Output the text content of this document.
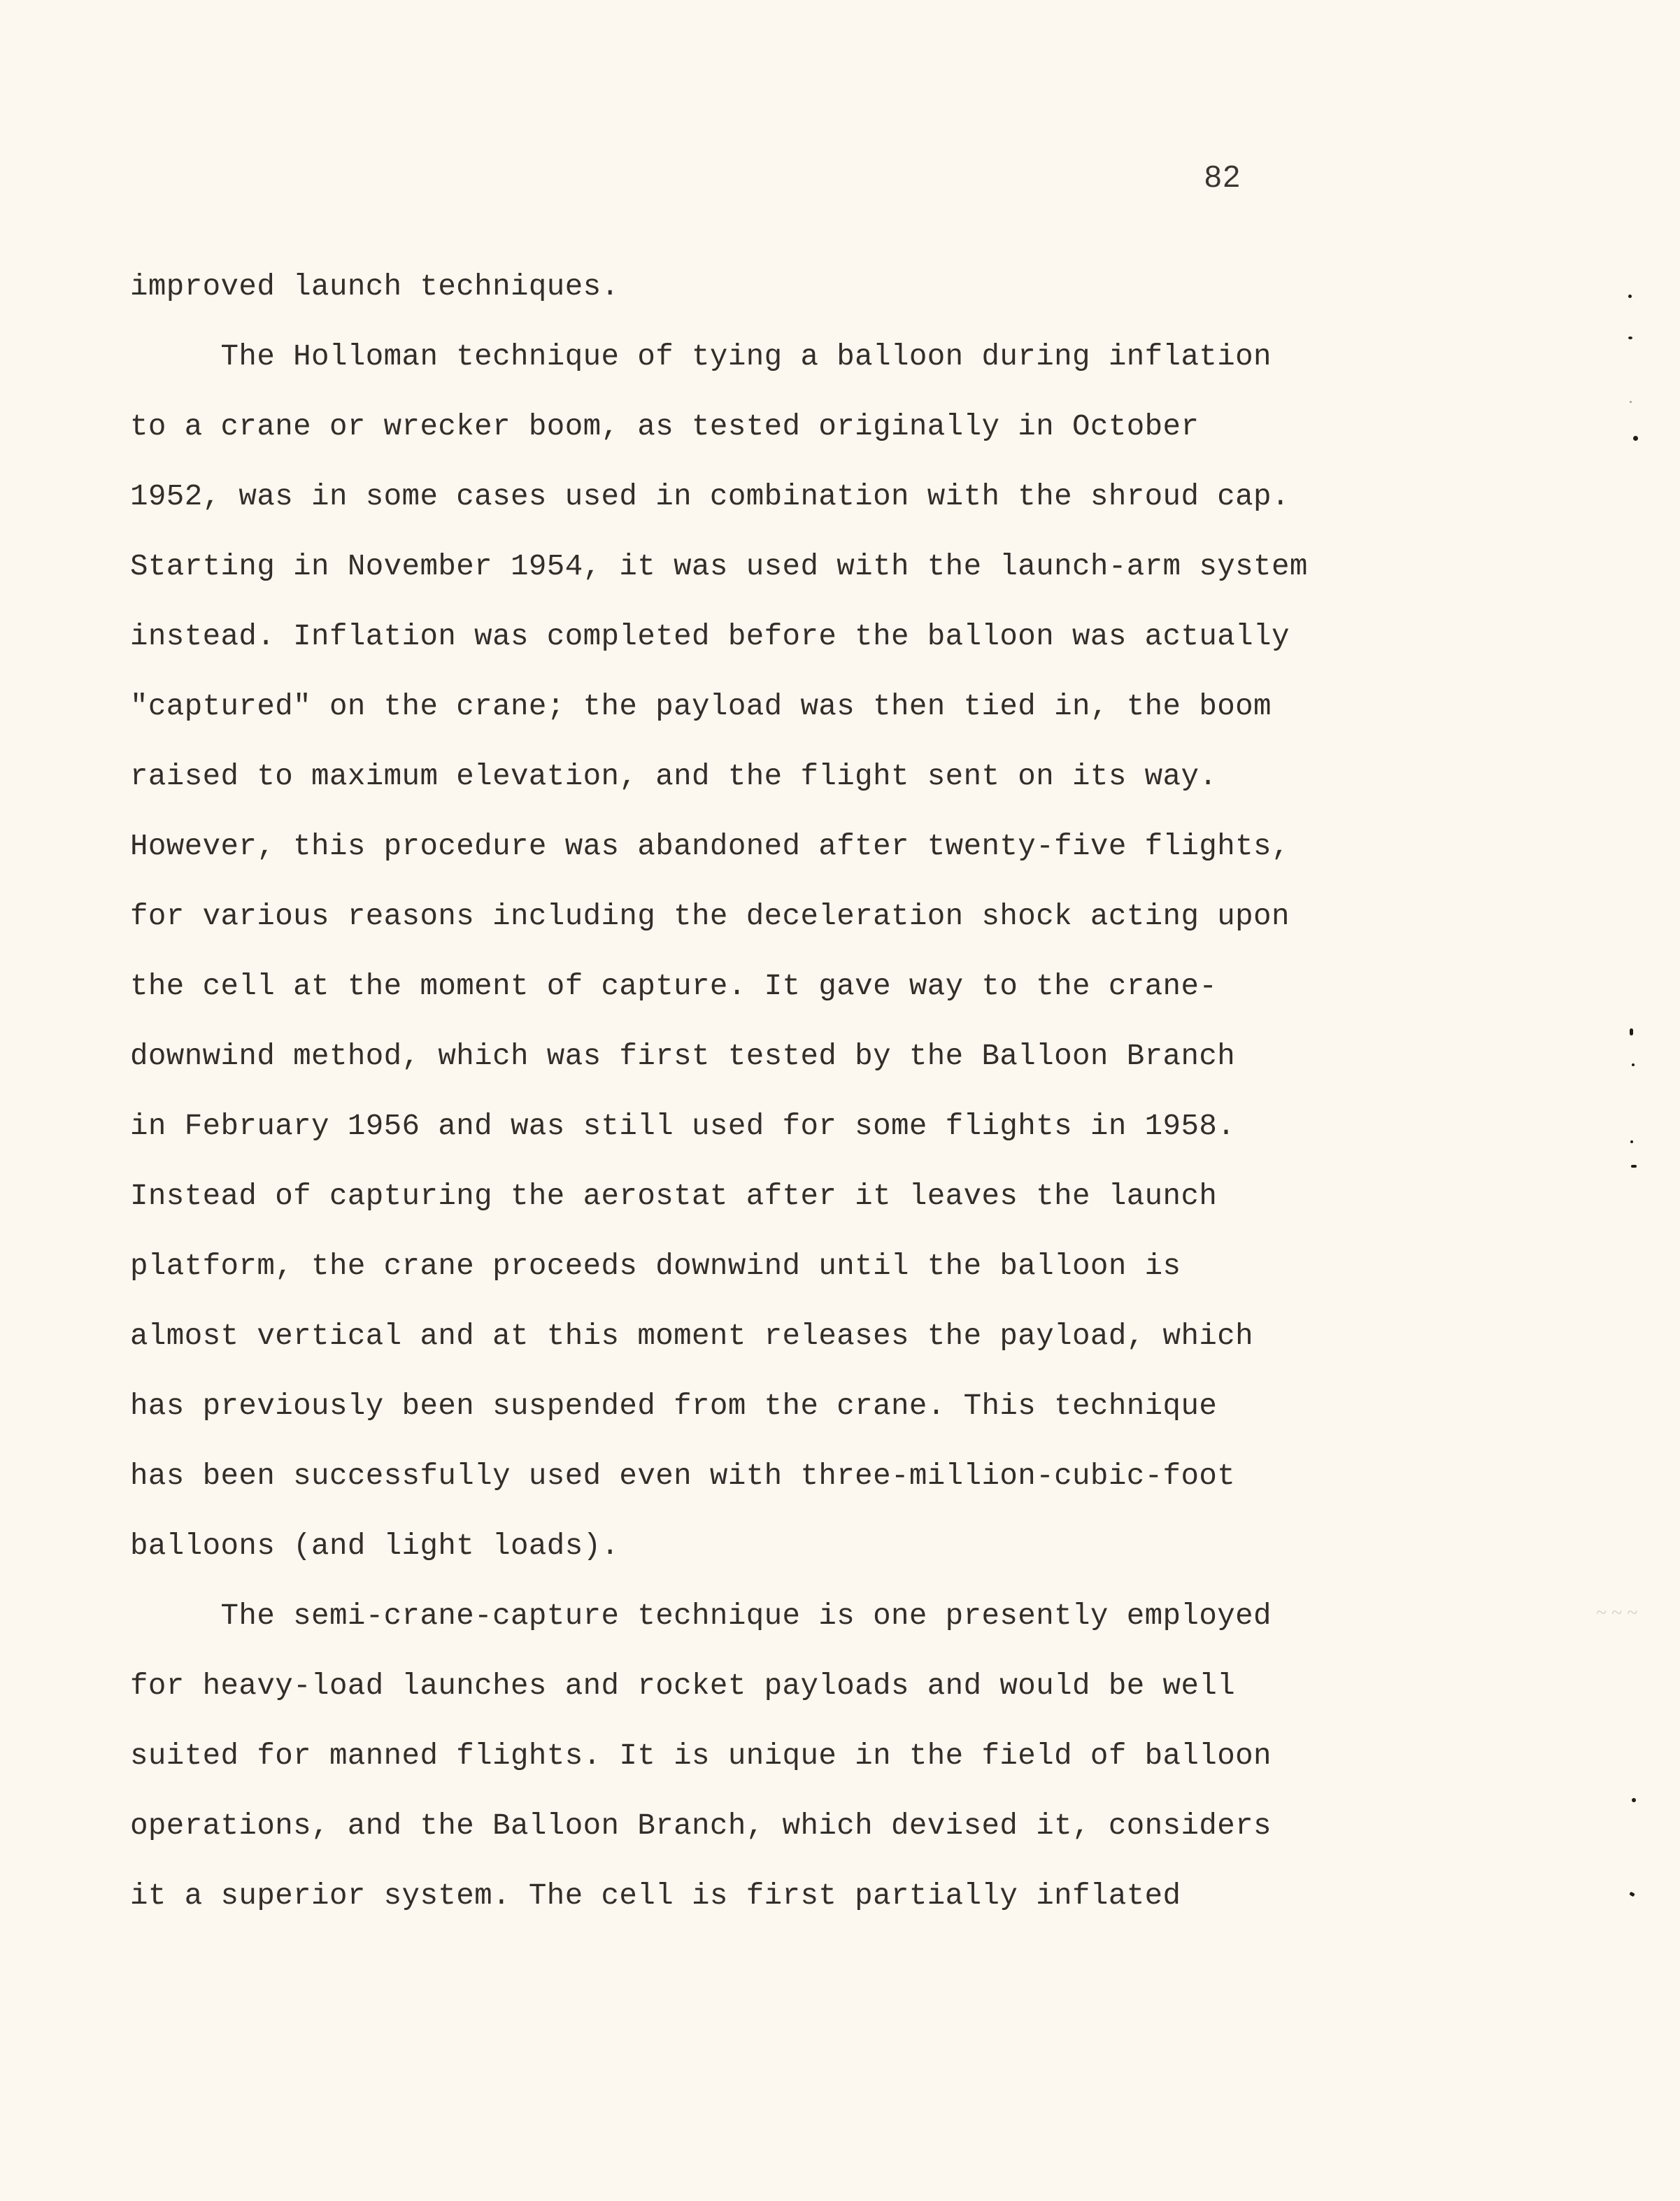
82
improved launch techniques.
The Holloman technique of tying a balloon during inflation
to a crane or wrecker boom, as tested originally in October
1952, was in some cases used in combination with the shroud cap.
Starting in November 1954, it was used with the launch-arm system
instead. Inflation was completed before the balloon was actually
"captured" on the crane; the payload was then tied in, the boom
raised to maximum elevation, and the flight sent on its way.
However, this procedure was abandoned after twenty-five flights,
for various reasons including the deceleration shock acting upon
the cell at the moment of capture. It gave way to the crane-
downwind method, which was first tested by the Balloon Branch
in February 1956 and was still used for some flights in 1958.
Instead of capturing the aerostat after it leaves the launch
platform, the crane proceeds downwind until the balloon is
almost vertical and at this moment releases the payload, which
has previously been suspended from the crane. This technique
has been successfully used even with three-million-cubic-foot
balloons (and light loads).
The semi-crane-capture technique is one presently employed
for heavy-load launches and rocket payloads and would be well
suited for manned flights. It is unique in the field of balloon
operations, and the Balloon Branch, which devised it, considers
it a superior system. The cell is first partially inflated
~ ~ ~
